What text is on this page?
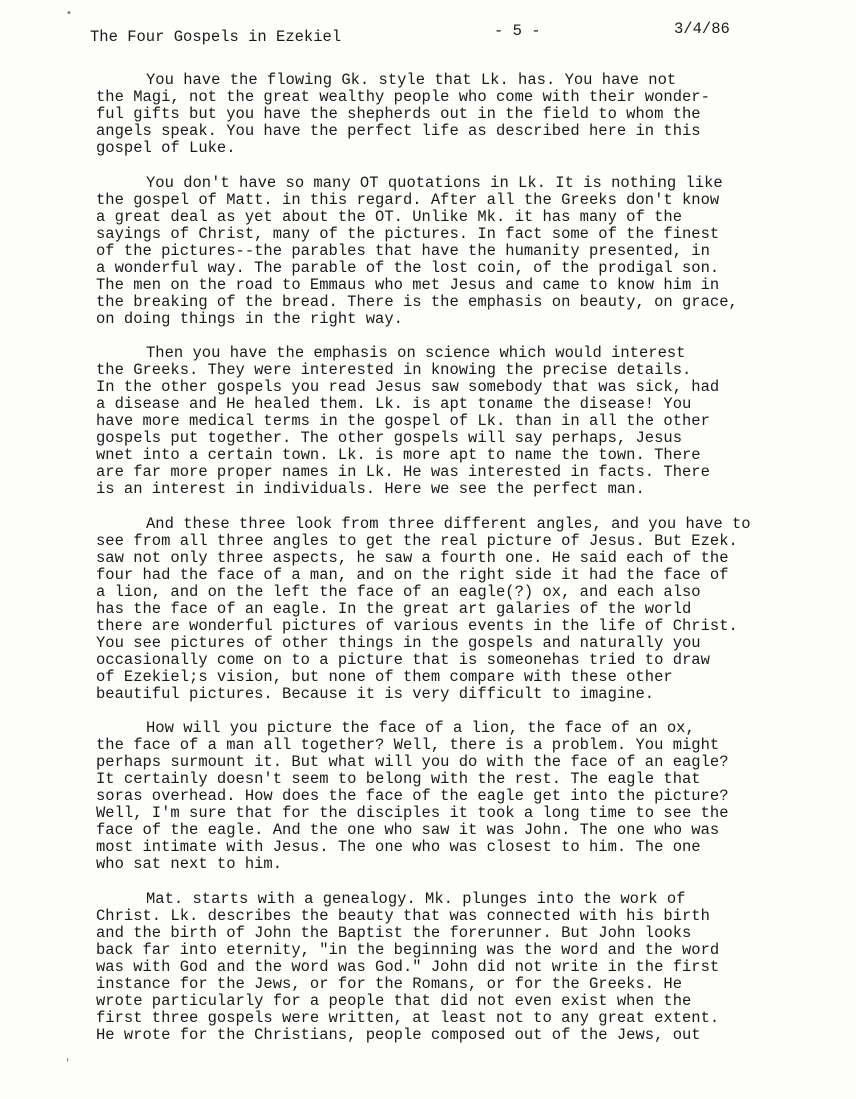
The Four Gospels in Ezekiel	- 5 -	3/4/86

You have the flowing Gk. style that Lk. has. You have not
the Magi, not the great wealthy people who come with their wonder-
ful gifts but you have the shepherds out in the field to whom the
angels speak. You have the perfect life as described here in this
gospel of Luke.

You don't have so many OT quotations in Lk. It is nothing like
the gospel of Matt. in this regard. After all the Greeks don't know
a great deal as yet about the OT. Unlike Mk. it has many of the
sayings of Christ, many of the pictures. In fact some of the finest
of the pictures--the parables that have the humanity presented, in
a wonderful way. The parable of the lost coin, of the prodigal son.
The men on the road to Emmaus who met Jesus and came to know him in
the breaking of the bread. There is the emphasis on beauty, on grace,
on doing things in the right way.

Then you have the emphasis on science which would interest
the Greeks. They were interested in knowing the precise details.
In the other gospels you read Jesus saw somebody that was sick, had
a disease and He healed them. Lk. is apt toname the disease! You
have more medical terms in the gospel of Lk. than in all the other
gospels put together. The other gospels will say perhaps, Jesus
wnet into a certain town. Lk. is more apt to name the town. There
are far more proper names in Lk. He was interested in facts. There
is an interest in individuals. Here we see the perfect man.

And these three look from three different angles, and you have to
see from all three angles to get the real picture of Jesus. But Ezek.
saw not only three aspects, he saw a fourth one. He said each of the
four had the face of a man, and on the right side it had the face of
a lion, and on the left the face of an eagle(?) ox, and each also
has the face of an eagle. In the great art galaries of the world
there are wonderful pictures of various events in the life of Christ.
You see pictures of other things in the gospels and naturally you
occasionally come on to a picture that is someonehas tried to draw
of Ezekiel;s vision, but none of them compare with these other
beautiful pictures. Because it is very difficult to imagine.

How will you picture the face of a lion, the face of an ox,
the face of a man all together? Well, there is a problem. You might
perhaps surmount it. But what will you do with the face of an eagle?
It certainly doesn't seem to belong with the rest. The eagle that
soras overhead. How does the face of the eagle get into the picture?
Well, I'm sure that for the disciples it took a long time to see the
face of the eagle. And the one who saw it was John. The one who was
most intimate with Jesus. The one who was closest to him. The one
who sat next to him.

Mat. starts with a genealogy. Mk. plunges into the work of
Christ. Lk. describes the beauty that was connected with his birth
and the birth of John the Baptist the forerunner. But John looks
back far into eternity, "in the beginning was the word and the word
was with God and the word was God." John did not write in the first
instance for the Jews, or for the Romans, or for the Greeks. He
wrote particularly for a people that did not even exist when the
first three gospels were written, at least not to any great extent.
He wrote for the Christians, people composed out of the Jews, out

•
'
